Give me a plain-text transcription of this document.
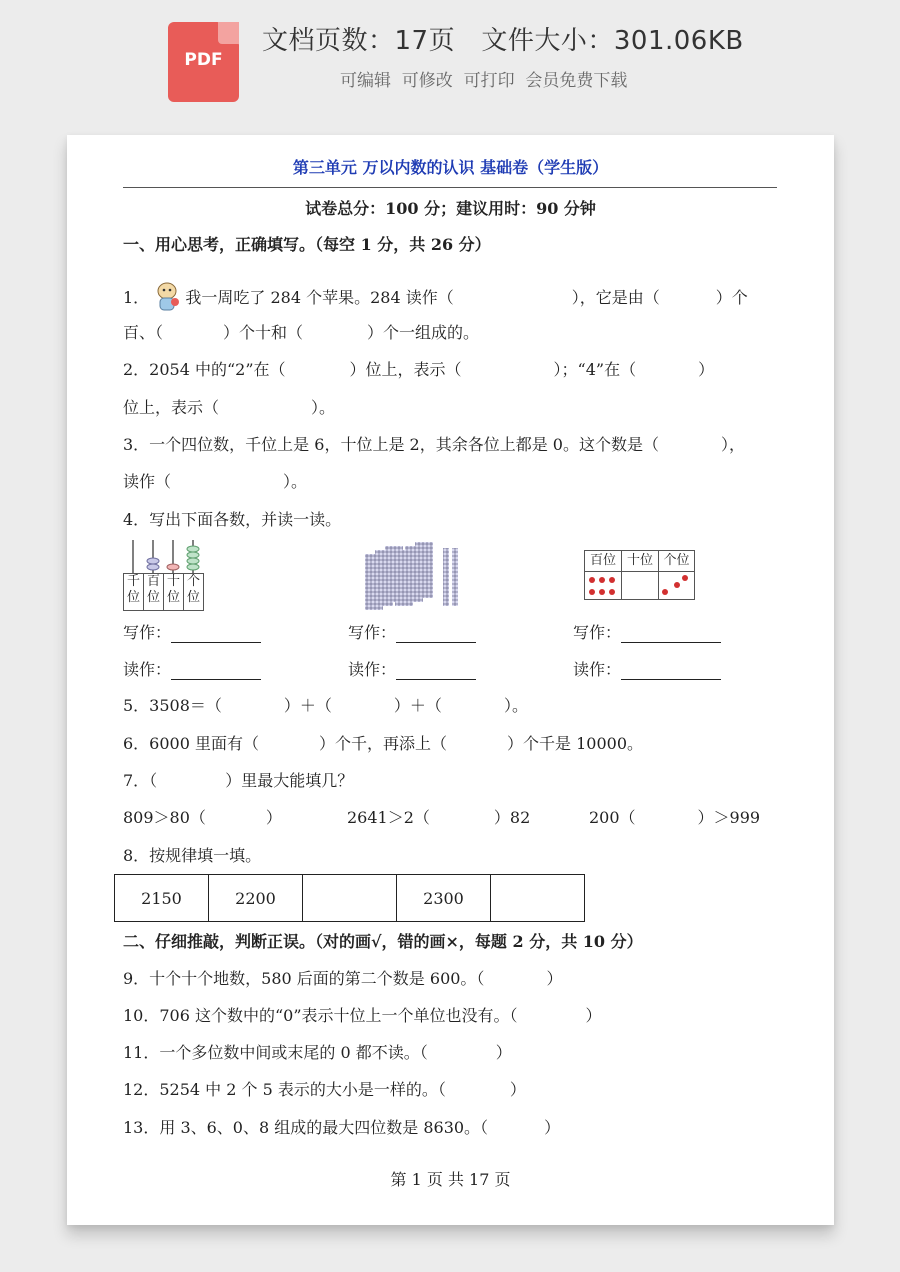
PDF
文档页数：17页   文件大小：301.06KB
可编辑  可修改  可打印  会员免费下载
第三单元 万以内数的认识 基础卷（学生版）
试卷总分：100 分；建议用时：90 分钟
一、用心思考，正确填写。（每空 1 分，共 26 分）
1． 我一周吃了 284 个苹果。284 读作（	），它是由（	）个
百、（	）个十和（	）个一组成的。
2．2054 中的“2”在（	）位上，表示（	）；“4”在（	）
位上，表示（	）。
3．一个四位数，千位上是 6，十位上是 2，其余各位上都是 0。这个数是（	），
读作（	）。
4．写出下面各数，并读一读。
千位
百位
十位
个位
百位 十位 个位
写作：	写作：	写作：
读作：	读作：	读作：
5．3508＝（	）＋（	）＋（	）。
6．6000 里面有（	）个千，再添上（	）个千是 10000。
7．（	）里最大能填几？
809＞80（	）	2641＞2（	）82	200（	）＞999
8．按规律填一填。
2150	2200		2300	
二、仔细推敲，判断正误。（对的画√，错的画×，每题 2 分，共 10 分）
9．十个十个地数，580 后面的第二个数是 600。（	）
10．706 这个数中的“0”表示十位上一个单位也没有。（	）
11．一个多位数中间或末尾的 0 都不读。（	）
12．5254 中 2 个 5 表示的大小是一样的。（	）
13．用 3、6、0、8 组成的最大四位数是 8630。（	）
第 1 页 共 17 页
